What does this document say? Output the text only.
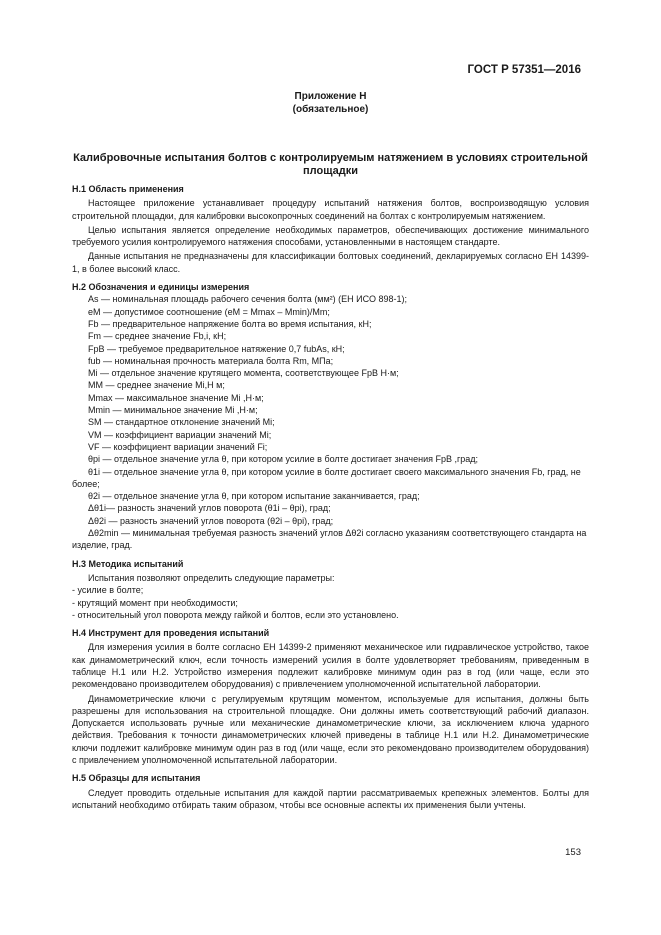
ГОСТ Р 57351—2016
Приложение Н
(обязательное)
Калибровочные испытания болтов с контролируемым натяжением в условиях строительной площадки

Н.1 Область применения

Настоящее приложение устанавливает процедуру испытаний натяжения болтов, воспроизводящую условия строительной площадки, для калибровки высокопрочных соединений на болтах с контролируемым натяжением.

Целью испытания является определение необходимых параметров, обеспечивающих достижение минимального требуемого усилия контролируемого натяжения способами, установленными в настоящем стандарте.

Данные испытания не предназначены для классификации болтовых соединений, декларируемых согласно ЕН 14399-1, в более высокий класс.

Н.2 Обозначения и единицы измерения

As — номинальная площадь рабочего сечения болта (мм²) (ЕН ИСО 898-1);

eM — допустимое соотношение (eM = Mmax – Mmin)/Mm;

Fb — предварительное напряжение болта во время испытания, кН;

Fm — среднее значение Fb,i, кН;

FpB — требуемое предварительное натяжение 0,7 fubAs, кН;

fub — номинальная прочность материала болта Rm, МПа;

Mi — отдельное значение крутящего момента, соответствующее FpB Н·м;

MM — среднее значение Mi,Н м;

Mmax — максимальное значение Mi ,Н·м;

Mmin — минимальное значение Mi ,Н·м;

SM — стандартное отклонение значений Mi;

VM — коэффициент вариации значений Mi;

VF — коэффициент вариации значений Fi;

θpi — отдельное значение угла θ, при котором усилие в болте достигает значения FpB ,град;

θ1i — отдельное значение угла θ, при котором усилие в болте достигает своего максимального значения Fb, град, не более;

θ2i — отдельное значение угла θ, при котором испытание заканчивается, град;

Δθ1i— разность значений углов поворота (θ1i – θpi), град;

Δθ2i — разность значений углов поворота (θ2i – θpi), град;

Δθ2min — минимальная требуемая разность значений углов Δθ2i согласно указаниям соответствующего стандарта на изделие, град.

Н.3 Методика испытаний

Испытания позволяют определить следующие параметры:

- усилие в болте;

- крутящий момент при необходимости;

- относительный угол поворота между гайкой и болтов, если это установлено.

Н.4 Инструмент для проведения испытаний

Для измерения усилия в болте согласно ЕН 14399-2 применяют механическое или гидравлическое устройство, такое как динамометрический ключ, если точность измерений усилия в болте удовлетворяет требованиям, приведенным в таблице Н.1 или Н.2. Устройство измерения подлежит калибровке минимум один раз в год (или чаще, если это рекомендовано производителем оборудования) с привлечением уполномоченной испытательной лаборатории.

Динамометрические ключи с регулируемым крутящим моментом, используемые для испытания, должны быть разрешены для использования на строительной площадке. Они должны иметь соответствующий рабочий диапазон. Допускается использовать ручные или механические динамометрические ключи, за исключением ключа ударного действия. Требования к точности динамометрических ключей приведены в таблице Н.1 или Н.2. Динамометрические ключи подлежит калибровке минимум один раз в год (или чаще, если это рекомендовано производителем оборудования) с привлечением уполномоченной испытательной лаборатории.

Н.5 Образцы для испытания

Следует проводить отдельные испытания для каждой партии рассматриваемых крепежных элементов. Болты для испытаний необходимо отбирать таким образом, чтобы все основные аспекты их применения были учтены.

153
